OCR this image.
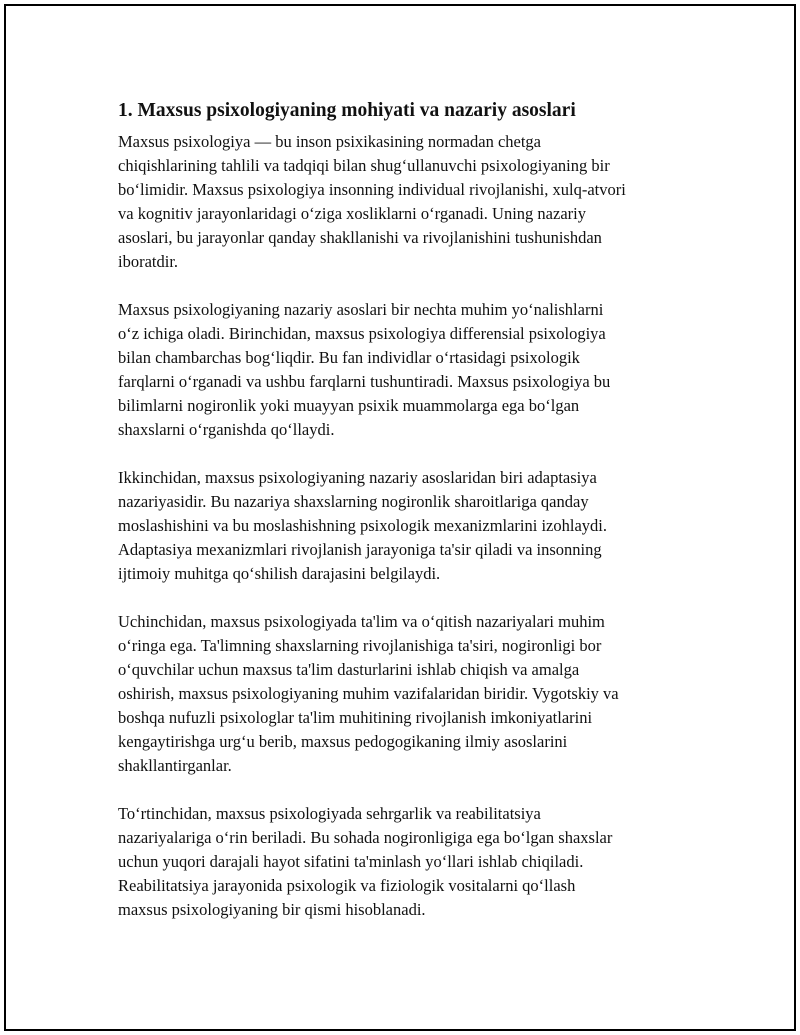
1. Maxsus psixologiyaning mohiyati va nazariy asoslari

Maxsus psixologiya — bu inson psixikasining normadan chetga
chiqishlarining tahlili va tadqiqi bilan shug‘ullanuvchi psixologiyaning bir
bo‘limidir. Maxsus psixologiya insonning individual rivojlanishi, xulq-atvori
va kognitiv jarayonlaridagi o‘ziga xosliklarni o‘rganadi. Uning nazariy
asoslari, bu jarayonlar qanday shakllanishi va rivojlanishini tushunishdan
iboratdir.

Maxsus psixologiyaning nazariy asoslari bir nechta muhim yo‘nalishlarni
o‘z ichiga oladi. Birinchidan, maxsus psixologiya differensial psixologiya
bilan chambarchas bog‘liqdir. Bu fan individlar o‘rtasidagi psixologik
farqlarni o‘rganadi va ushbu farqlarni tushuntiradi. Maxsus psixologiya bu
bilimlarni nogironlik yoki muayyan psixik muammolarga ega bo‘lgan
shaxslarni o‘rganishda qo‘llaydi.

Ikkinchidan, maxsus psixologiyaning nazariy asoslaridan biri adaptasiya
nazariyasidir. Bu nazariya shaxslarning nogironlik sharoitlariga qanday
moslashishini va bu moslashishning psixologik mexanizmlarini izohlaydi.
Adaptasiya mexanizmlari rivojlanish jarayoniga ta'sir qiladi va insonning
ijtimoiy muhitga qo‘shilish darajasini belgilaydi.

Uchinchidan, maxsus psixologiyada ta'lim va o‘qitish nazariyalari muhim
o‘ringa ega. Ta'limning shaxslarning rivojlanishiga ta'siri, nogironligi bor
o‘quvchilar uchun maxsus ta'lim dasturlarini ishlab chiqish va amalga
oshirish, maxsus psixologiyaning muhim vazifalaridan biridir. Vygotskiy va
boshqa nufuzli psixologlar ta'lim muhitining rivojlanish imkoniyatlarini
kengaytirishga urg‘u berib, maxsus pedogogikaning ilmiy asoslarini
shakllantirganlar.

To‘rtinchidan, maxsus psixologiyada sehrgarlik va reabilitatsiya
nazariyalariga o‘rin beriladi. Bu sohada nogironligiga ega bo‘lgan shaxslar
uchun yuqori darajali hayot sifatini ta'minlash yo‘llari ishlab chiqiladi.
Reabilitatsiya jarayonida psixologik va fiziologik vositalarni qo‘llash
maxsus psixologiyaning bir qismi hisoblanadi.
